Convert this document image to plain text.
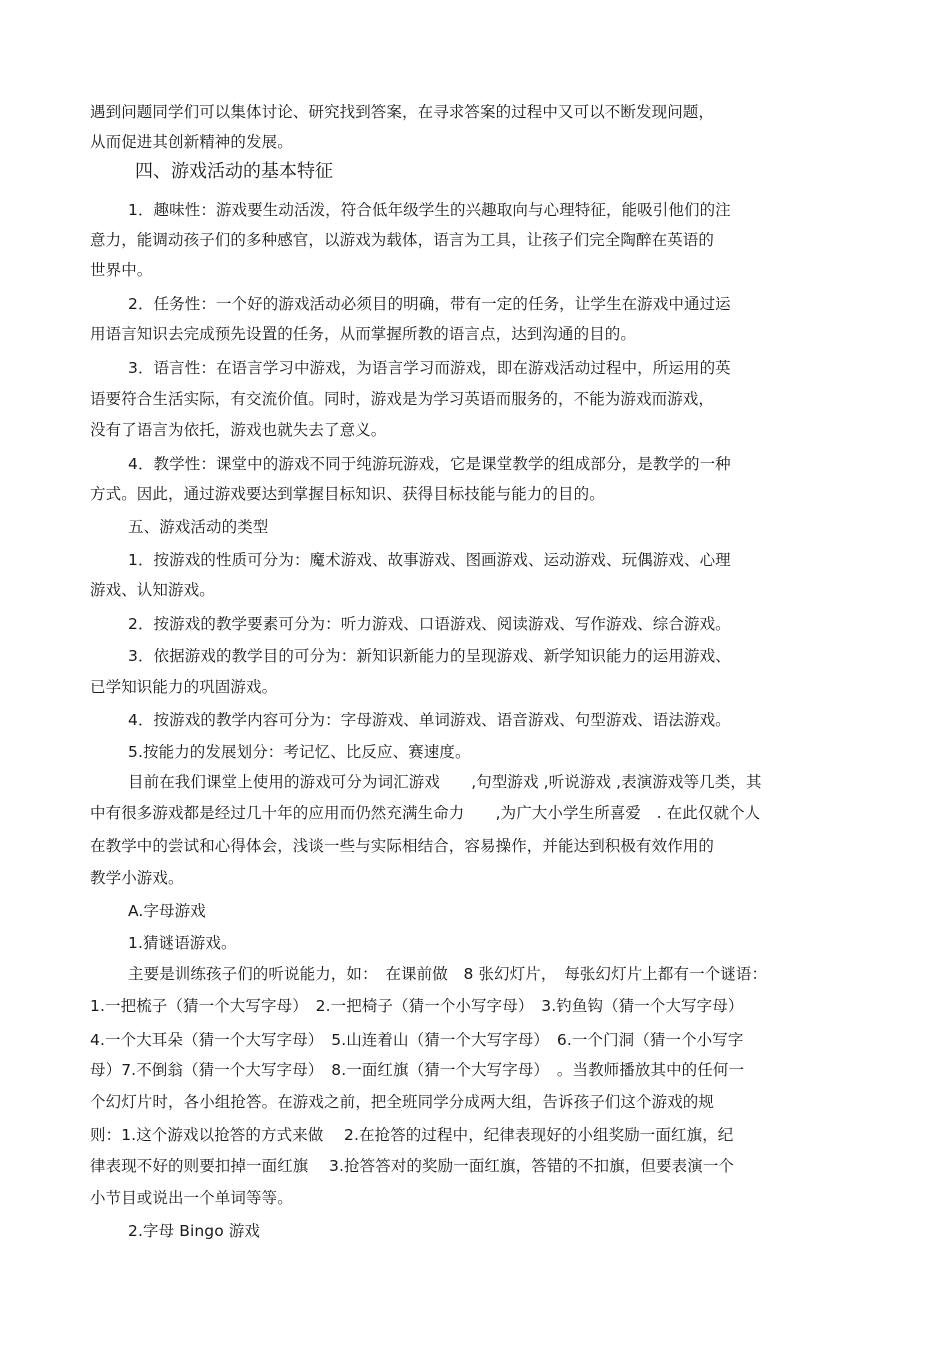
遇到问题同学们可以集体讨论、研究找到答案，在寻求答案的过程中又可以不断发现问题，
从而促进其创新精神的发展。
四、游戏活动的基本特征
1．趣味性：游戏要生动活泼，符合低年级学生的兴趣取向与心理特征，能吸引他们的注
意力，能调动孩子们的多种感官，以游戏为载体，语言为工具，让孩子们完全陶醉在英语的
世界中。
2．任务性：一个好的游戏活动必须目的明确，带有一定的任务，让学生在游戏中通过运
用语言知识去完成预先设置的任务，从而掌握所教的语言点，达到沟通的目的。
3．语言性：在语言学习中游戏，为语言学习而游戏，即在游戏活动过程中，所运用的英
语要符合生活实际，有交流价值。同时，游戏是为学习英语而服务的，不能为游戏而游戏，
没有了语言为依托，游戏也就失去了意义。
4．教学性：课堂中的游戏不同于纯游玩游戏，它是课堂教学的组成部分，是教学的一种
方式。因此，通过游戏要达到掌握目标知识、获得目标技能与能力的目的。
五、游戏活动的类型
1．按游戏的性质可分为：魔术游戏、故事游戏、图画游戏、运动游戏、玩偶游戏、心理
游戏、认知游戏。
2．按游戏的教学要素可分为：听力游戏、口语游戏、阅读游戏、写作游戏、综合游戏。
3．依据游戏的教学目的可分为：新知识新能力的呈现游戏、新学知识能力的运用游戏、
已学知识能力的巩固游戏。
4．按游戏的教学内容可分为：字母游戏、单词游戏、语音游戏、句型游戏、语法游戏。
5.按能力的发展划分：考记忆、比反应、赛速度。
目前在我们课堂上使用的游戏可分为词汇游戏　　,句型游戏 ,听说游戏 ,表演游戏等几类，其
中有很多游戏都是经过几十年的应用而仍然充满生命力　　,为广大小学生所喜爱　. 在此仅就个人
在教学中的尝试和心得体会，浅谈一些与实际相结合，容易操作，并能达到积极有效作用的
教学小游戏。
A.字母游戏
1.猜谜语游戏。
主要是训练孩子们的听说能力，如：　在课前做　8 张幻灯片，　每张幻灯片上都有一个谜语：
1.一把梳子（猜一个大写字母）　2.一把椅子（猜一个小写字母）　3.钓鱼钩（猜一个大写字母）
4.一个大耳朵（猜一个大写字母）　5.山连着山（猜一个大写字母）　6.一个门洞（猜一个小写字
母）7.不倒翁（猜一个大写字母）　8.一面红旗（猜一个大写字母）　。当教师播放其中的任何一
个幻灯片时，各小组抢答。在游戏之前，把全班同学分成两大组，告诉孩子们这个游戏的规
则：1.这个游戏以抢答的方式来做　 2.在抢答的过程中，纪律表现好的小组奖励一面红旗，纪
律表现不好的则要扣掉一面红旗　 3.抢答答对的奖励一面红旗，答错的不扣旗，但要表演一个
小节目或说出一个单词等等。
2.字母 Bingo 游戏
